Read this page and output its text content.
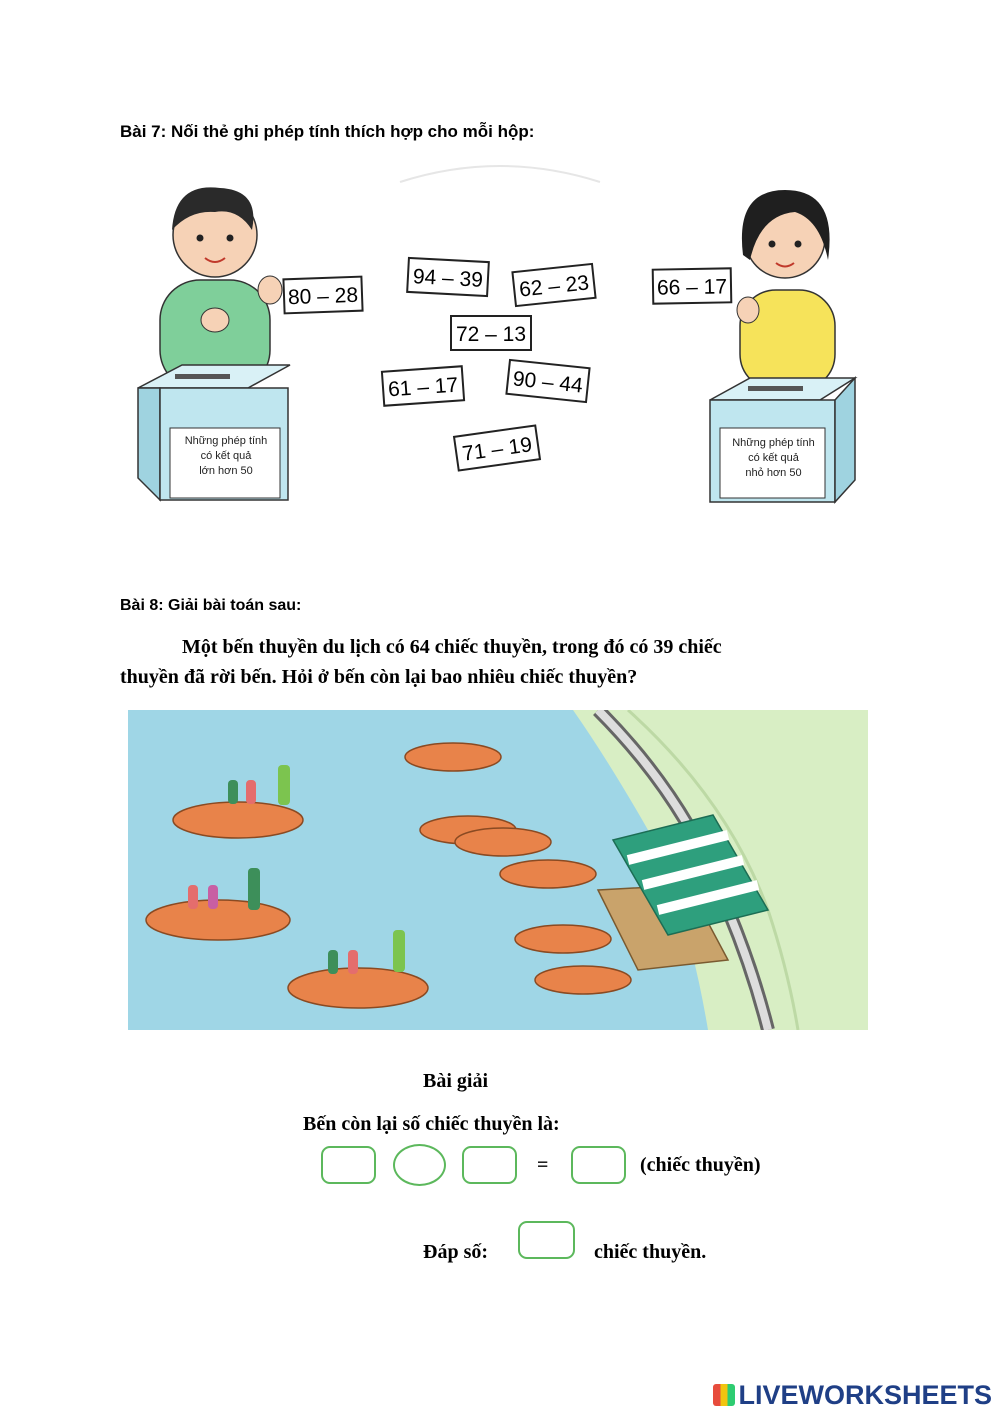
Bài 7: Nối thẻ ghi phép tính thích hợp cho mỗi hộp:
80 – 28	66 – 17
94 – 39	62 – 23
72 – 13
61 – 17	90 – 44
71 – 19
Những phép tính
có kết quả
lớn hơn 50
Những phép tính
có kết quả
nhỏ hơn 50
Bài 8: Giải bài toán sau:
Một bến thuyền du lịch có 64 chiếc thuyền, trong đó có 39 chiếc
thuyền đã rời bến. Hỏi ở bến còn lại bao nhiêu chiếc thuyền?
Bài giải
Bến còn lại số chiếc thuyền là:
=	(chiếc thuyền)
Đáp số:	chiếc thuyền.
LIVEWORKSHEETS
